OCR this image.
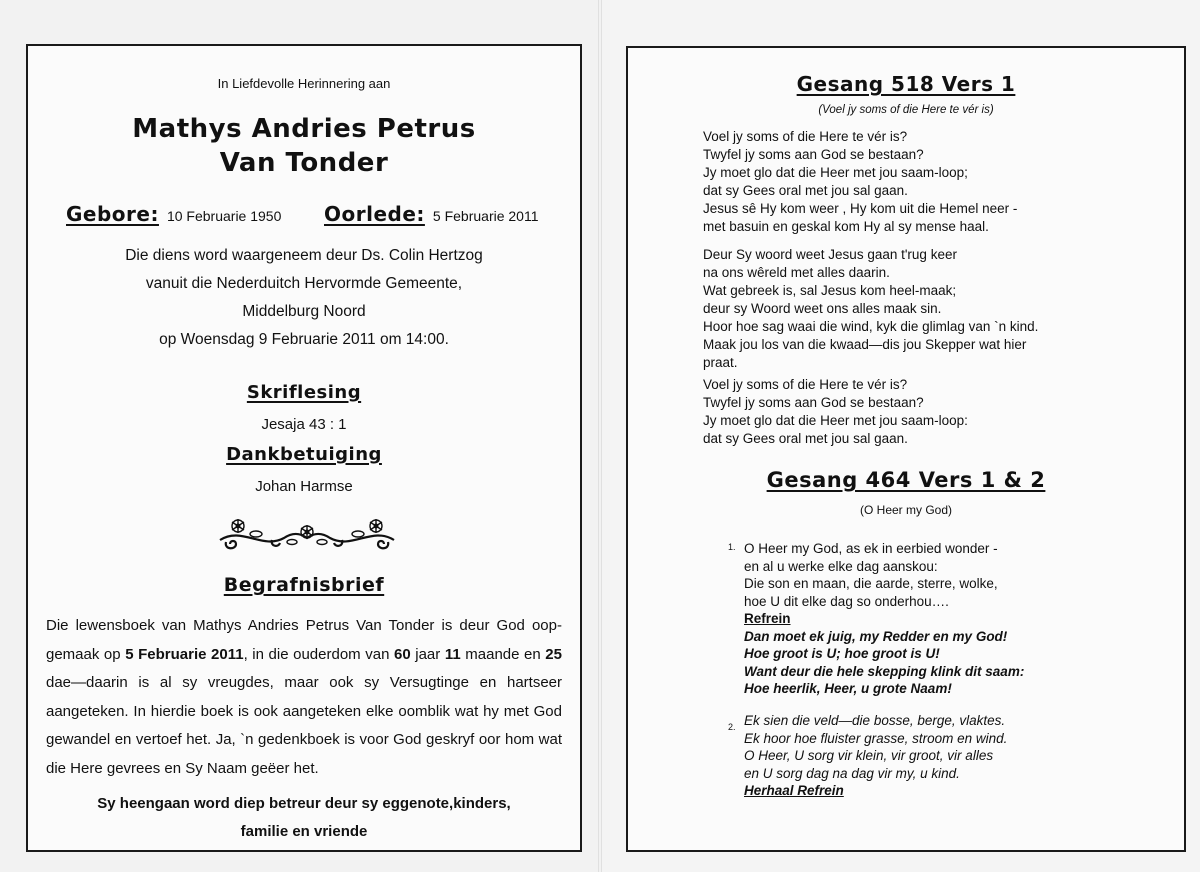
In Liefdevolle Herinnering aan
Mathys Andries Petrus
Van Tonder
Gebore: 10 Februarie 1950 Oorlede: 5 Februarie 2011
Die diens word waargeneem deur Ds. Colin Hertzog
vanuit die Nederduitch Hervormde Gemeente,
Middelburg Noord
op Woensdag 9 Februarie 2011 om 14:00.
Skriflesing
Jesaja 43 : 1
Dankbetuiging
Johan Harmse
Begrafnisbrief
Die lewensboek van Mathys Andries Petrus Van Tonder is deur God oop-gemaak op 5 Februarie 2011, in die ouderdom van 60 jaar 11 maande en 25 dae—daarin is al sy vreugdes, maar ook sy Versugtinge en hartseer aangeteken. In hierdie boek is ook aangeteken elke oomblik wat hy met God gewandel en vertoef het. Ja, `n gedenkboek is voor God geskryf oor hom wat die Here gevrees en Sy Naam geëer het.
Sy heengaan word diep betreur deur sy eggenote,kinders,
familie en vriende
Gesang 518 Vers 1
(Voel jy soms of die Here te vér is)
Voel jy soms of die Here te vér is?
Twyfel jy soms aan God se bestaan?
Jy moet glo dat die Heer met jou saam-loop;
dat sy Gees oral met jou sal gaan.
Jesus sê Hy kom weer , Hy kom uit die Hemel neer -
met basuin en geskal kom Hy al sy mense haal.
Deur Sy woord weet Jesus gaan t'rug keer
na ons wêreld met alles daarin.
Wat gebreek is, sal Jesus kom heel-maak;
deur sy Woord weet ons alles maak sin.
Hoor hoe sag waai die wind, kyk die glimlag van `n kind.
Maak jou los van die kwaad—dis jou Skepper wat hier
praat.
Voel jy soms of die Here te vér is?
Twyfel jy soms aan God se bestaan?
Jy moet glo dat die Heer met jou saam-loop:
dat sy Gees oral met jou sal gaan.
Gesang 464 Vers 1 & 2
(O Heer my God)
1. O Heer my God, as ek in eerbied wonder -
en al u werke elke dag aanskou:
Die son en maan, die aarde, sterre, wolke,
hoe U dit elke dag so onderhou….
Refrein
Dan moet ek juig, my Redder en my God!
Hoe groot is U; hoe groot is U!
Want deur die hele skepping klink dit saam:
Hoe heerlik, Heer, u grote Naam!
2. Ek sien die veld—die bosse, berge, vlaktes.
Ek hoor hoe fluister grasse, stroom en wind.
O Heer, U sorg vir klein, vir groot, vir alles
en U sorg dag na dag vir my, u kind.
Herhaal Refrein
